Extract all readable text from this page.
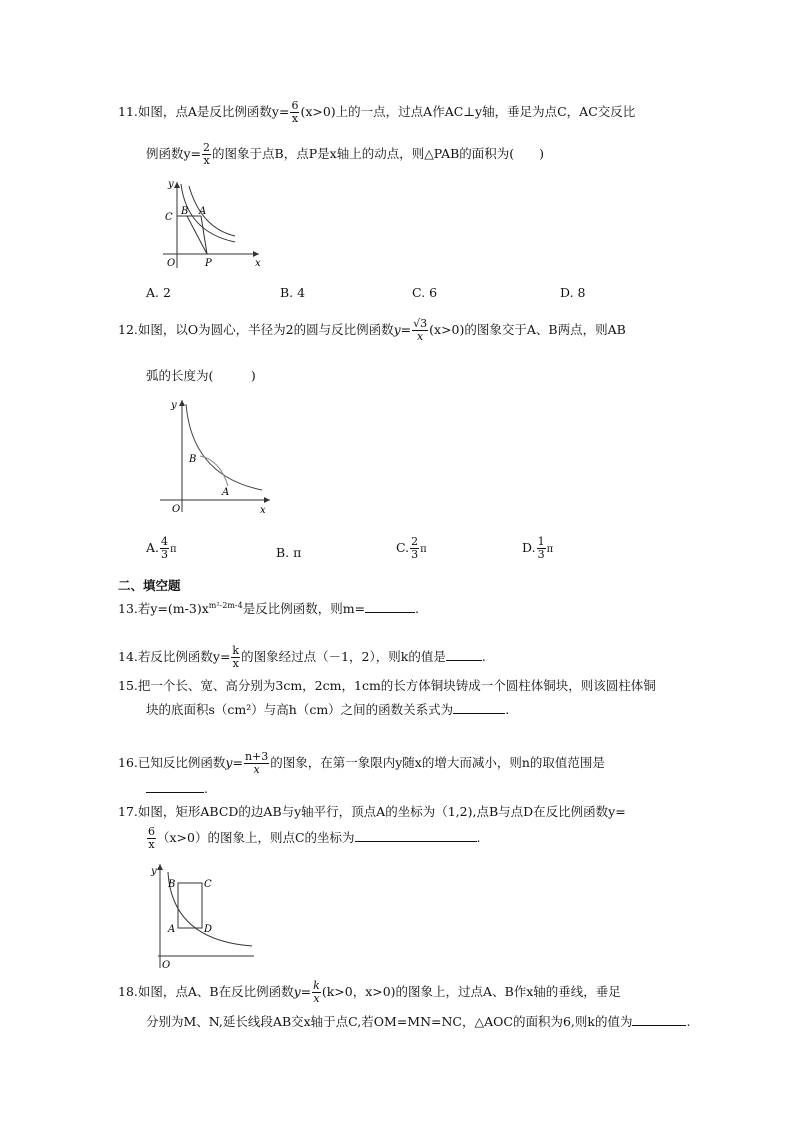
11.如图，点A是反比例函数$y= \frac{6}{x} (x>0)$上的一点，过点A作AC⊥y轴，垂足为点C，AC交反比
例函数$y= \frac{2}{x}$ 的图象于点B，点P是x轴上的动点，则△PAB的面积为(　　)
y
x
C
B A
O	P
A. 2	B. 4	C. 6	D. 8
12.如图，以O为圆心，半径为2的圆与反比例函数$y= \frac{√3}{x} (x>0)$的图象交于A、B两点，则AB
弧的长度为(　　　)
y
x
B
A
O
A. $\frac{4}{3}$ π	B. π	C. $\frac{2}{3}$ π	D. $\frac{1}{3}$ π
二、填空题
13.若$y=(m-3)x^{m^2-2m-4}$是反比例函数，则m=	.
14.若反比例函数$y= \frac{k}{x}$ 的图象经过点（－1，2），则k的值是	.
15.把一个长、宽、高分别为3cm，2cm，1cm的长方体铜块铸成一个圆柱体铜块，则该圆柱体铜
块的底面积s（cm²）与高h（cm）之间的函数关系式为	.
16.已知反比例函数$y= \frac{n+3}{x}$ 的图象，在第一象限内y随x的增大而减小，则n的取值范围是
.
17.如图，矩形ABCD的边AB与y轴平行，顶点A的坐标为（1,2),点B与点D在反比例函数y=
$\frac{6}{x} (x>0)$的图象上，则点C的坐标为	.
y
B	C
A	D
O
18.如图，点A、B在反比例函数$y= \frac{k}{x} (k>0$，x>0)的图象上，过点A、B作x轴的垂线，垂足
分别为M、N,延长线段AB交x轴于点C,若OM=MN=NC，△AOC的面积为6,则k的值为	.
